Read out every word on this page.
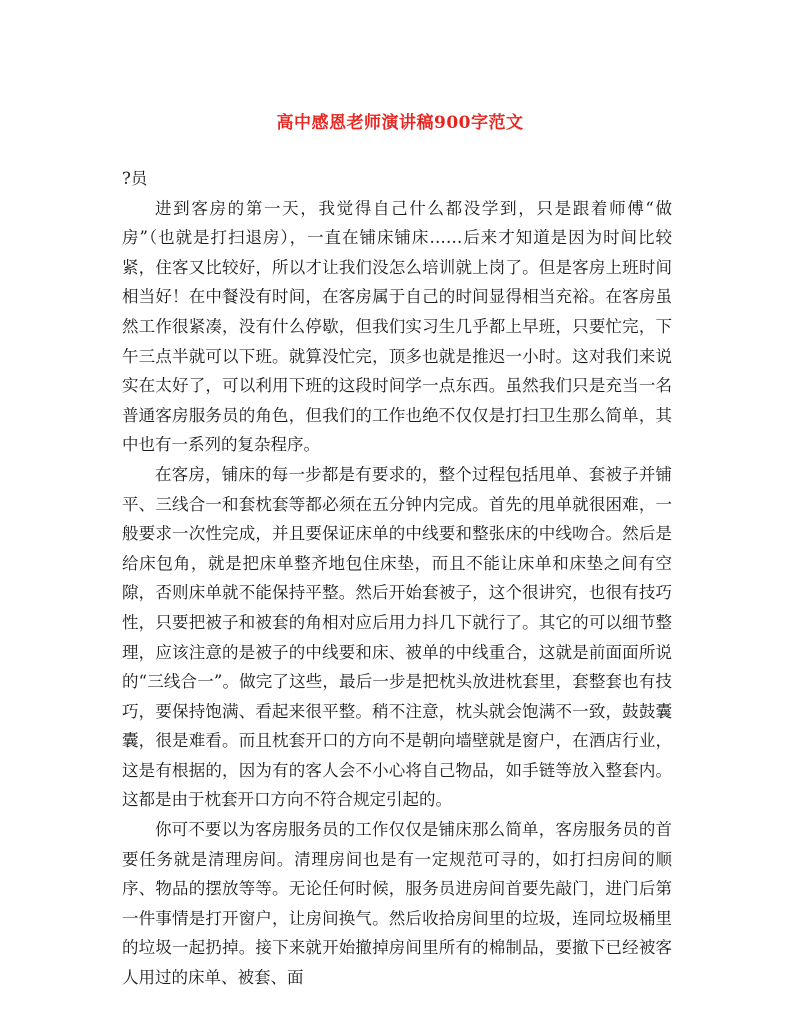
高中感恩老师演讲稿900字范文

?员

进到客房的第一天，我觉得自己什么都没学到，只是跟着师傅“做房”（也就是打扫退房），一直在铺床铺床……后来才知道是因为时间比较紧，住客又比较好，所以才让我们没怎么培训就上岗了。但是客房上班时间相当好！在中餐没有时间，在客房属于自己的时间显得相当充裕。在客房虽然工作很紧凑，没有什么停歇，但我们实习生几乎都上早班，只要忙完，下午三点半就可以下班。就算没忙完，顶多也就是推迟一小时。这对我们来说实在太好了，可以利用下班的这段时间学一点东西。虽然我们只是充当一名普通客房服务员的角色，但我们的工作也绝不仅仅是打扫卫生那么简单，其中也有一系列的复杂程序。

在客房，铺床的每一步都是有要求的，整个过程包括甩单、套被子并铺平、三线合一和套枕套等都必须在五分钟内完成。首先的甩单就很困难，一般要求一次性完成，并且要保证床单的中线要和整张床的中线吻合。然后是给床包角，就是把床单整齐地包住床垫，而且不能让床单和床垫之间有空隙，否则床单就不能保持平整。然后开始套被子，这个很讲究，也很有技巧性，只要把被子和被套的角相对应后用力抖几下就行了。其它的可以细节整理，应该注意的是被子的中线要和床、被单的中线重合，这就是前面面所说的“三线合一”。做完了这些，最后一步是把枕头放进枕套里，套整套也有技巧，要保持饱满、看起来很平整。稍不注意，枕头就会饱满不一致，鼓鼓囊囊，很是难看。而且枕套开口的方向不是朝向墙壁就是窗户，在酒店行业，这是有根据的，因为有的客人会不小心将自己物品，如手链等放入整套内。这都是由于枕套开口方向不符合规定引起的。

你可不要以为客房服务员的工作仅仅是铺床那么简单，客房服务员的首要任务就是清理房间。清理房间也是有一定规范可寻的，如打扫房间的顺序、物品的摆放等等。无论任何时候，服务员进房间首要先敲门，进门后第一件事情是打开窗户，让房间换气。然后收拾房间里的垃圾，连同垃圾桶里的垃圾一起扔掉。接下来就开始撤掉房间里所有的棉制品，要撤下已经被客人用过的床单、被套、面
